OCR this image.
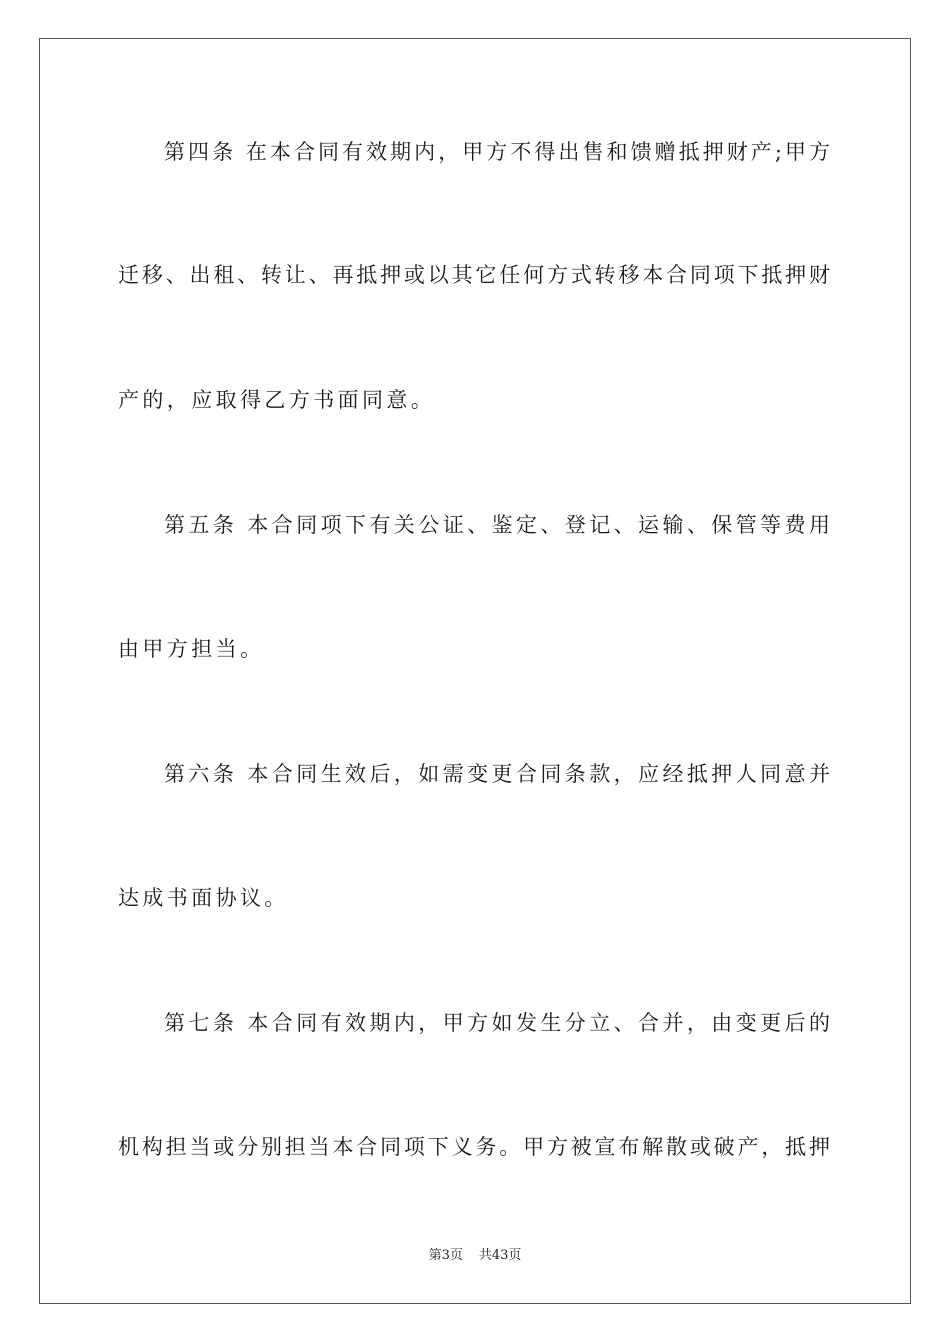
第四条 在本合同有效期内，甲方不得出售和馈赠抵押财产;甲方
迁移、出租、转让、再抵押或以其它任何方式转移本合同项下抵押财
产的，应取得乙方书面同意。
第五条 本合同项下有关公证、鉴定、登记、运输、保管等费用
由甲方担当。
第六条 本合同生效后，如需变更合同条款，应经抵押人同意并
达成书面协议。
第七条 本合同有效期内，甲方如发生分立、合并，由变更后的
机构担当或分别担当本合同项下义务。甲方被宣布解散或破产，抵押
第3页 共43页
